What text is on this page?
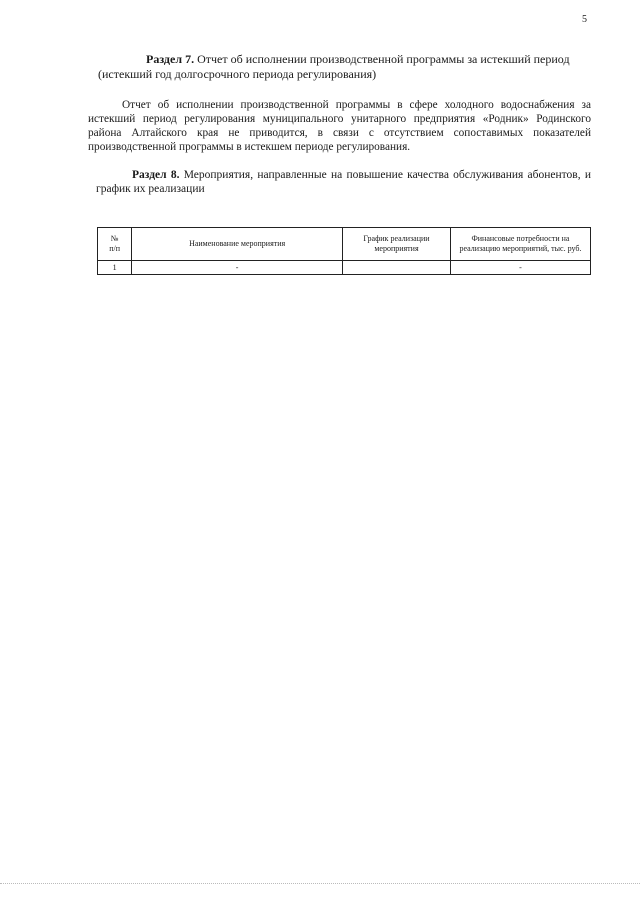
5
Раздел 7. Отчет об исполнении производственной программы за истекший период (истекший год долгосрочного периода регулирования)
Отчет об исполнении производственной программы в сфере холодного водоснабжения за истекший период регулирования муниципального унитарного предприятия «Родник» Родинского района Алтайского края не приводится, в связи с отсутствием сопоставимых показателей производственной программы в истекшем периоде регулирования.
Раздел 8. Мероприятия, направленные на повышение качества обслуживания абонентов, и график их реализации
№
п/п	Наименование мероприятия	График реализации мероприятия	Финансовые потребности на реализацию мероприятий, тыс. руб.
1	-		-
